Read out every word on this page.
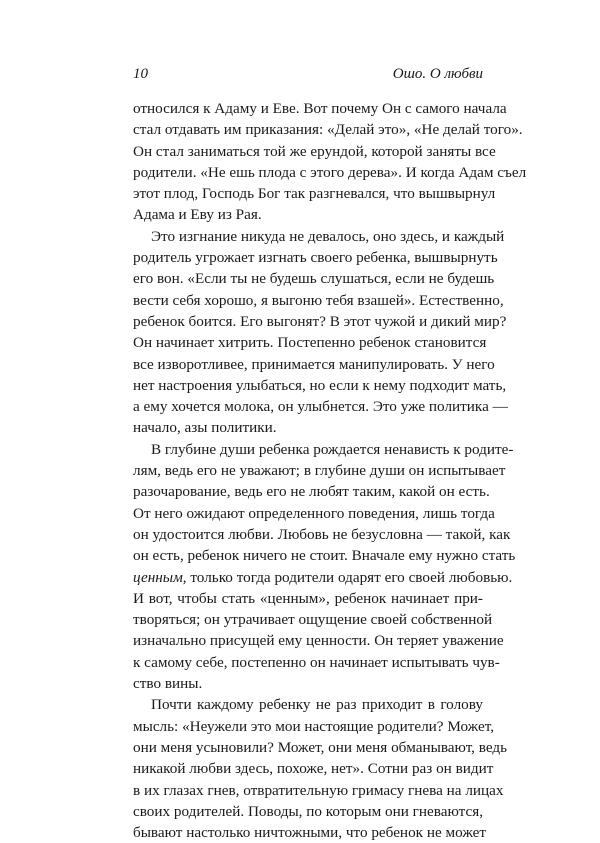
10	Ошо. О любви
относился к Адаму и Еве. Вот почему Он с самого начала
стал отдавать им приказания: «Делай это», «Не делай того».
Он стал заниматься той же ерундой, которой заняты все
родители. «Не ешь плода с этого дерева». И когда Адам съел
этот плод, Господь Бог так разгневался, что вышвырнул
Адама и Еву из Рая.
Это изгнание никуда не девалось, оно здесь, и каждый
родитель угрожает изгнать своего ребенка, вышвырнуть
его вон. «Если ты не будешь слушаться, если не будешь
вести себя хорошо, я выгоню тебя взашей». Естественно,
ребенок боится. Его выгонят? В этот чужой и дикий мир?
Он начинает хитрить. Постепенно ребенок становится
все изворотливее, принимается манипулировать. У него
нет настроения улыбаться, но если к нему подходит мать,
а ему хочется молока, он улыбнется. Это уже политика —
начало, азы политики.
В глубине души ребенка рождается ненависть к родите-
лям, ведь его не уважают; в глубине души он испытывает
разочарование, ведь его не любят таким, какой он есть.
От него ожидают определенного поведения, лишь тогда
он удостоится любви. Любовь не безусловна — такой, как
он есть, ребенок ничего не стоит. Вначале ему нужно стать
ценным, только тогда родители одарят его своей любовью.
И вот, чтобы стать «ценным», ребенок начинает при-
творяться; он утрачивает ощущение своей собственной
изначально присущей ему ценности. Он теряет уважение
к самому себе, постепенно он начинает испытывать чув-
ство вины.
Почти каждому ребенку не раз приходит в голову
мысль: «Неужели это мои настоящие родители? Может,
они меня усыновили? Может, они меня обманывают, ведь
никакой любви здесь, похоже, нет». Сотни раз он видит
в их глазах гнев, отвратительную гримасу гнева на лицах
своих родителей. Поводы, по которым они гневаются,
бывают настолько ничтожными, что ребенок не может
